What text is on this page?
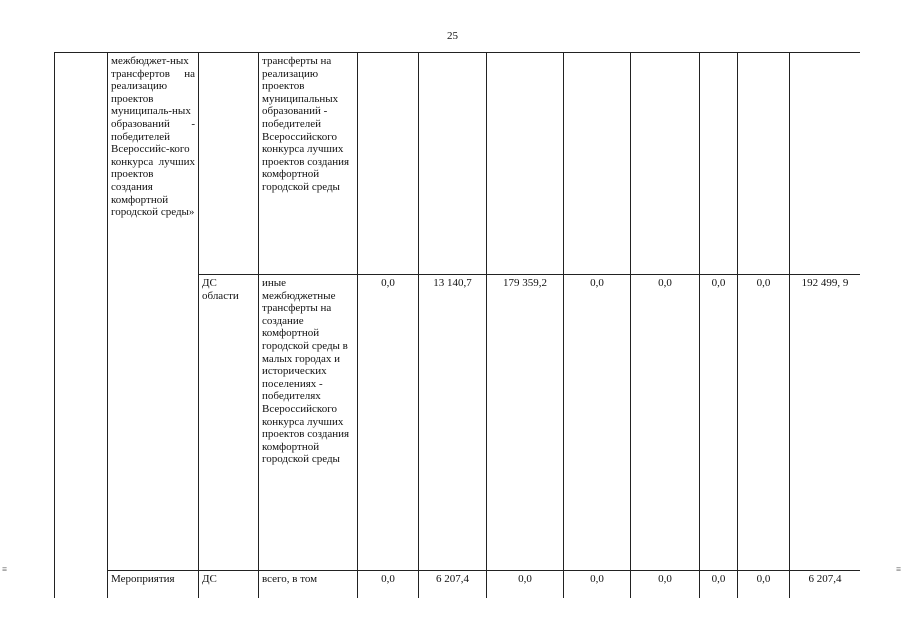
25
	межбюджет-ных трансфертов на реализацию проектов муниципаль-ных образований - победителей Всероссийс-кого конкурса лучших проектов создания комфортной городской среды»		трансферты на реализацию проектов муниципальных образований - победителей Всероссийского конкурса лучших проектов создания комфортной городской среды								
		ДС области	иные межбюджетные трансферты на создание комфортной городской среды в малых городах и исторических поселениях - победителях Всероссийского конкурса лучших проектов создания комфортной городской среды	0,0	13 140,7	179 359,2	0,0	0,0	0,0	0,0	192 499, 9
	Мероприятия	ДС	всего, в том	0,0	6 207,4	0,0	0,0	0,0	0,0	0,0	6 207,4
≡	≡
